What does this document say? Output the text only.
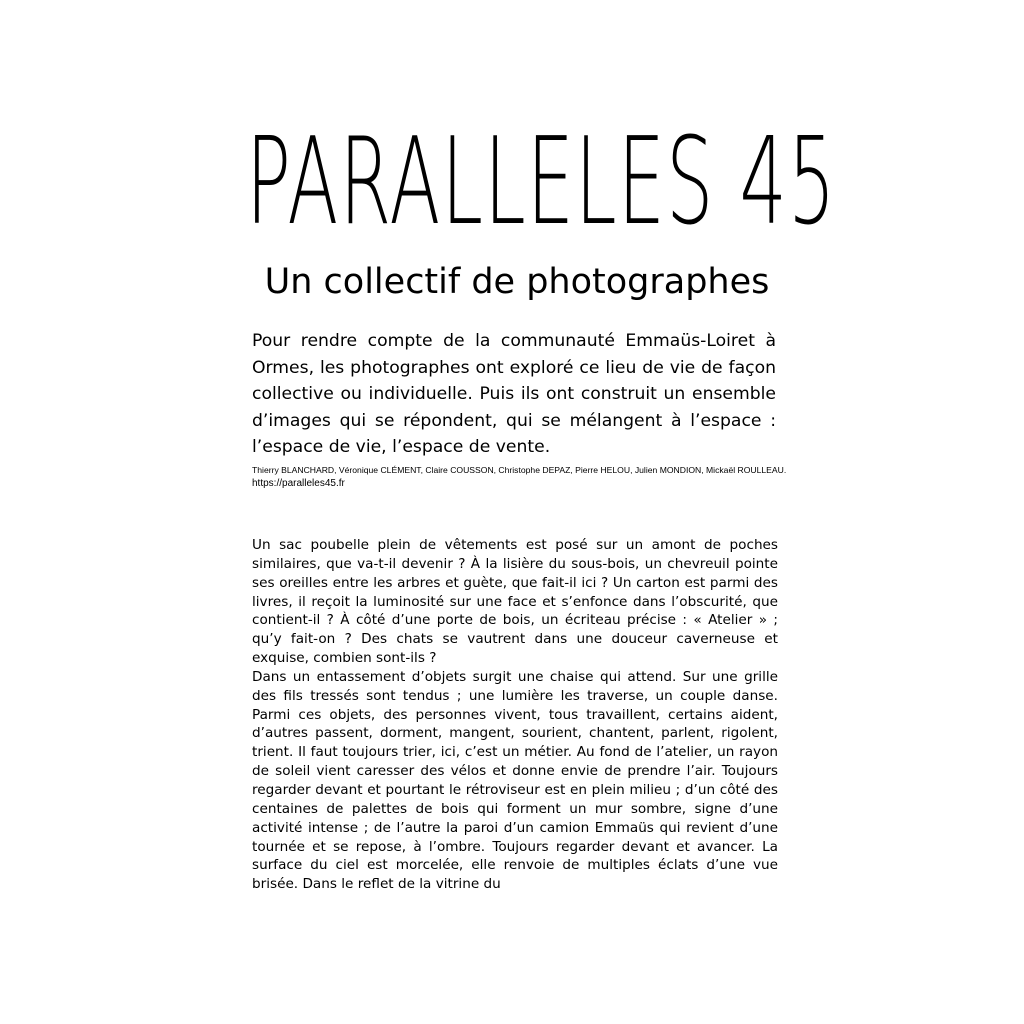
PARALLELES 45
Un collectif de photographes

Pour rendre compte de la communauté Emmaüs-Loiret à Ormes, les photographes ont exploré ce lieu de vie de façon collective ou individuelle. Puis ils ont construit un ensemble d’images qui se répondent, qui se mélangent à l’espace : l’espace de vie, l’espace de vente.

Thierry BLANCHARD, Véronique CLÉMENT, Claire COUSSON, Christophe DEPAZ, Pierre HELOU, Julien MONDION, Mickaël ROULLEAU.
https://paralleles45.fr

Un sac poubelle plein de vêtements est posé sur un amont de poches similaires, que va-t-il devenir ? À la lisière du sous-bois, un chevreuil pointe ses oreilles entre les arbres et guète, que fait-il ici ? Un carton est parmi des livres, il reçoit la luminosité sur une face et s’enfonce dans l’obscurité, que contient-il ? À côté d’une porte de bois, un écriteau précise : « Atelier » ; qu’y fait-on ? Des chats se vautrent dans une douceur caverneuse et exquise, combien sont-ils ?

Dans un entassement d’objets surgit une chaise qui attend. Sur une grille des fils tressés sont tendus ; une lumière les traverse, un couple danse. Parmi ces objets, des personnes vivent, tous travaillent, certains aident, d’autres passent, dorment, mangent, sourient, chantent, parlent, rigolent, trient. Il faut toujours trier, ici, c’est un métier. Au fond de l’atelier, un rayon de soleil vient caresser des vélos et donne envie de prendre l’air. Toujours regarder devant et pourtant le rétroviseur est en plein milieu ; d’un côté des centaines de palettes de bois qui forment un mur sombre, signe d’une activité intense ; de l’autre la paroi d’un camion Emmaüs qui revient d’une tournée et se repose, à l’ombre. Toujours regarder devant et avancer. La surface du ciel est morcelée, elle renvoie de multiples éclats d’une vue brisée. Dans le reflet de la vitrine du
